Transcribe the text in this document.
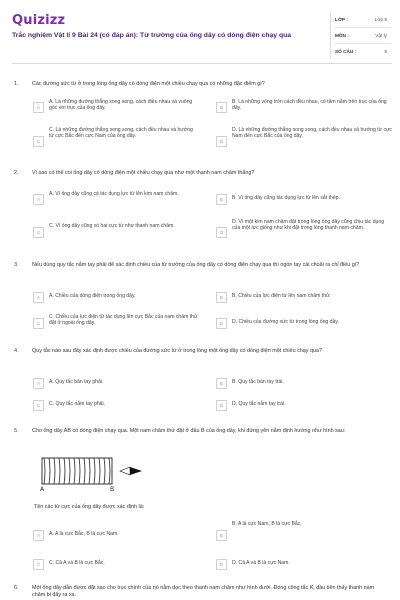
Quizizz
Trắc nghiệm Vật lí 9 Bài 24 (có đáp án): Từ trường của ống dây có dòng điện chạy qua
LỚP :	Lớp 9
MÔN :	Vật lý
SỐ CÂU :	9
1. Các đường sức từ ở trong lòng ống dây có dòng điện một chiều chạy qua có những đặc điểm gì?
A
A. Là những đường thẳng song song, cách điều nhau và vuông góc với trục của ống dây.	B
B. Là những vòng tròn cách đều nhau, có tâm nằm trên trục của ống dây.
C
C. Là những đường thẳng song song, cách đều nhau và hướng từ cực Bắc đến cực Nam của ống dây.
D
D. Là những đường thẳng song song, cách đều nhau và hướng từ cực Nam đến cực Bắc của ống dây.
2. Vì sao có thể coi ống dây có dòng điện một chiều chạy qua như một thanh nam châm thẳng?
A
A. Vì ống dây cũng có tác dụng lực từ lên kim nam châm.
B	B. Vì ống dây cũng tác dụng lực từ lên sắt thép.
C
C. Vì ống dây cũng có hai cực từ như thanh nam châm.
D
D. Vì một kim nam châm đặt trong lòng ống dây cũng chịu tác dụng của một lực giống như khi đặt trong lòng thanh nam châm.
3. Nếu dùng quy tắc nắm tay phải để xác định chiều của từ trường của ống dây có dòng điện chạy qua thì ngón tay cái choãi ra chỉ điều gì?
A	A. Chiều của dòng điện trong ống dây.	B	B. Chiều của lực điện từ lên nam châm thử.
C
C. Chiều của lực điện từ tác dụng lên cực Bắc của nam châm thử đặt ở ngoài ống dây.	D	D. Chiều của đường sức từ trong lòng ống dây.
4. Quy tắc nào sau đây xác định được chiều của đường sức từ ở trong lòng một ống dây có dòng điện một chiều chạy qua?
A	A. Quy tắc bàn tay phải.	B	B. Quy tắc bàn tay trái.
C	C. Quy tắc nắm tay phải.	D	D. Quy tắc nắm tay trái.
5. Cho ống dây AB có dòng điện chạy qua. Một nam châm thử đặt ở đầu B của ống dây, khi đứng yên nằm định hướng như hình sau:
A	B
Tên các từ cực của ống dây được xác định là:
A	A. A là cực Bắc, B là cực Nam.	B
B. A là cực Nam, B là cực Bắc.
C	C. Cả A và B là cực Bắc.	D	D. Cả A và B là cực Nam.
6. Một ống dây dẫn được đặt sao cho trục chính của nó nằm dọc theo thanh nam châm như hình dưới. Đóng công tắc K, đầu tiên thấy thanh nam châm bị đẩy ra xa.
